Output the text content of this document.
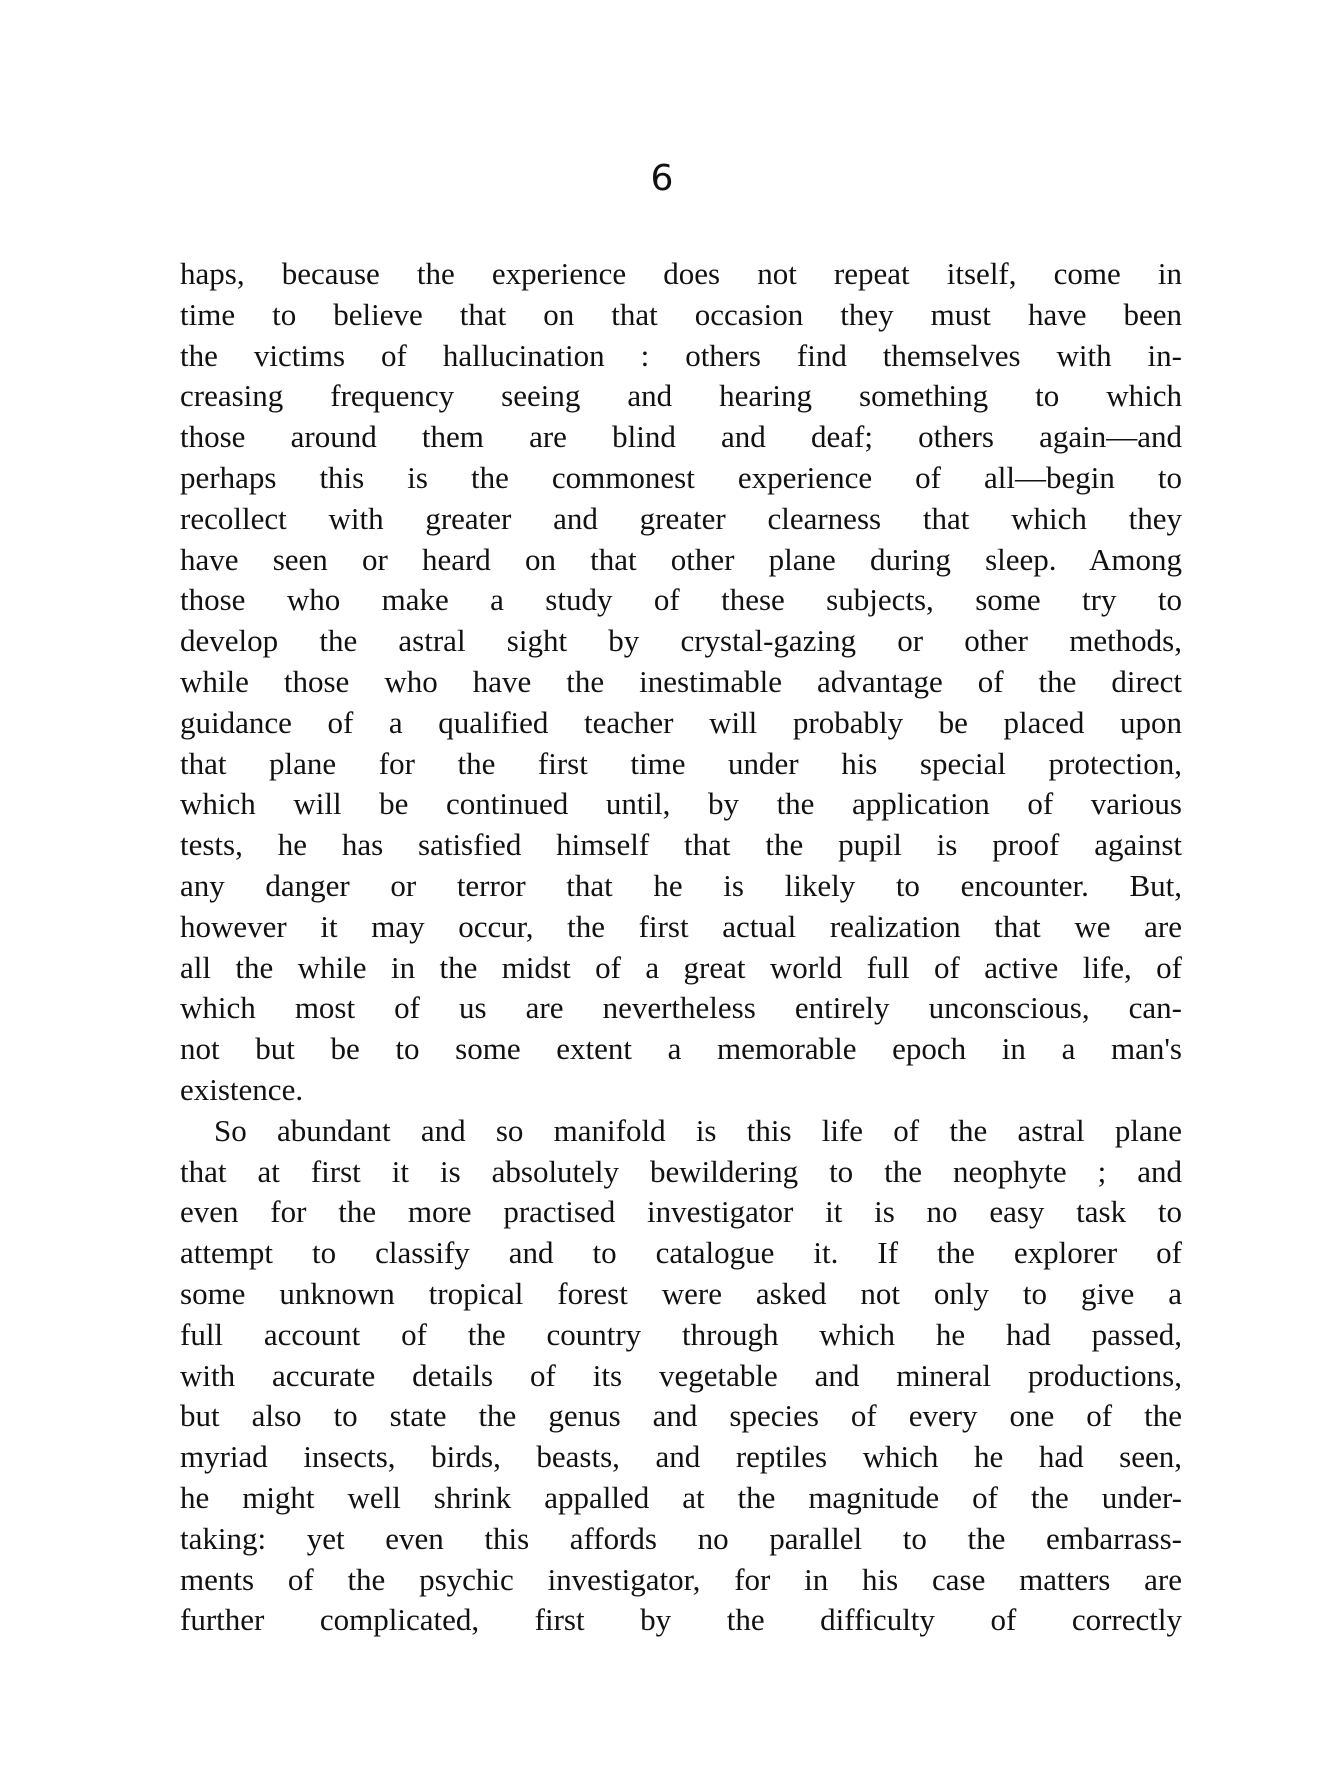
6
haps, because the experience does not repeat itself, come in
time to believe that on that occasion they must have been
the victims of hallucination : others find themselves with in-
creasing frequency seeing and hearing something to which
those around them are blind and deaf; others again—and
perhaps this is the commonest experience of all—begin to
recollect with greater and greater clearness that which they
have seen or heard on that other plane during sleep. Among
those who make a study of these subjects, some try to
develop the astral sight by crystal-gazing or other methods,
while those who have the inestimable advantage of the direct
guidance of a qualified teacher will probably be placed upon
that plane for the first time under his special protection,
which will be continued until, by the application of various
tests, he has satisfied himself that the pupil is proof against
any danger or terror that he is likely to encounter. But,
however it may occur, the first actual realization that we are
all the while in the midst of a great world full of active life, of
which most of us are nevertheless entirely unconscious, can-
not but be to some extent a memorable epoch in a man's
existence.
So abundant and so manifold is this life of the astral plane
that at first it is absolutely bewildering to the neophyte ; and
even for the more practised investigator it is no easy task to
attempt to classify and to catalogue it. If the explorer of
some unknown tropical forest were asked not only to give a
full account of the country through which he had passed,
with accurate details of its vegetable and mineral productions,
but also to state the genus and species of every one of the
myriad insects, birds, beasts, and reptiles which he had seen,
he might well shrink appalled at the magnitude of the under-
taking: yet even this affords no parallel to the embarrass-
ments of the psychic investigator, for in his case matters are
further complicated, first by the difficulty of correctly
